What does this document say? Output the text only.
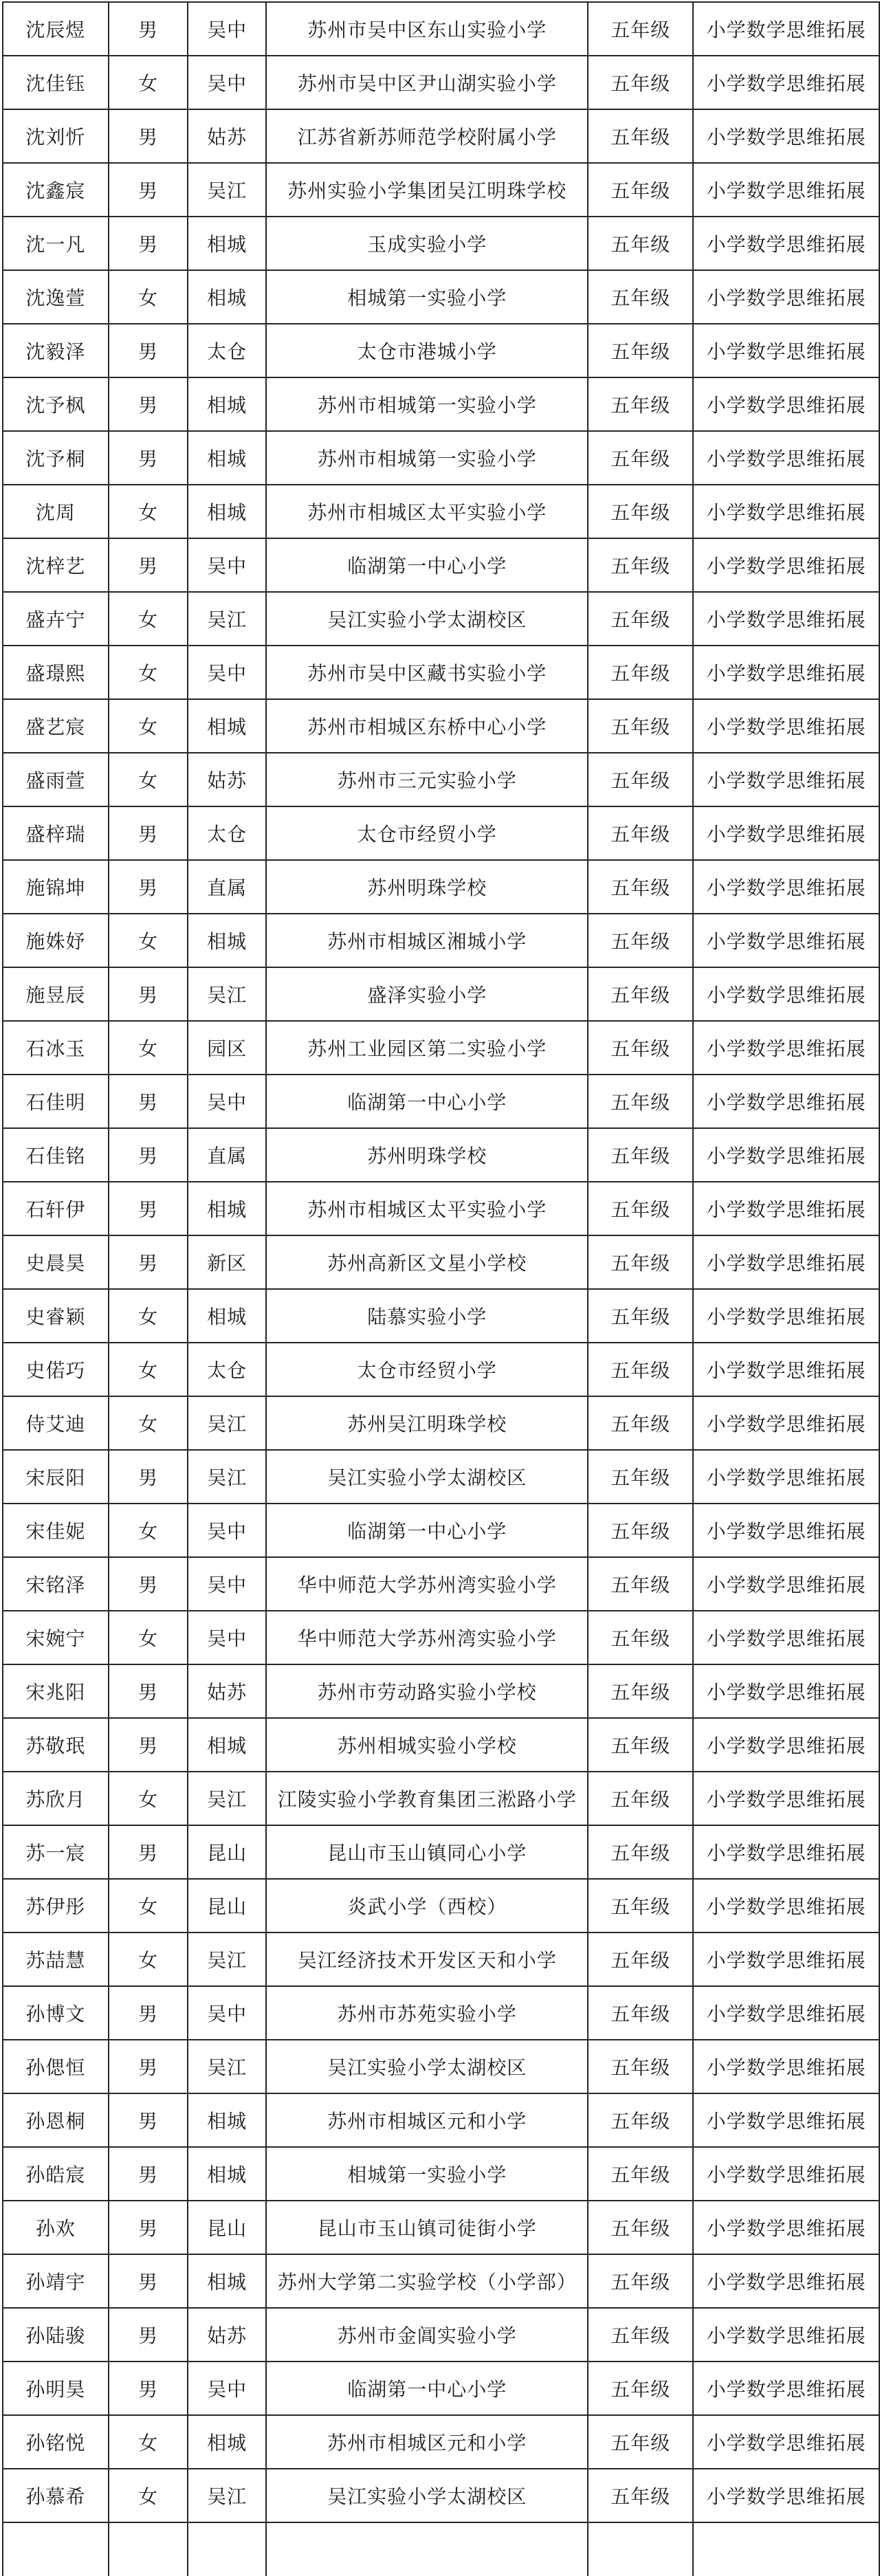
沈辰煜	男	吴中	苏州市吴中区东山实验小学	五年级	小学数学思维拓展
沈佳钰	女	吴中	苏州市吴中区尹山湖实验小学	五年级	小学数学思维拓展
沈刘忻	男	姑苏	江苏省新苏师范学校附属小学	五年级	小学数学思维拓展
沈鑫宸	男	吴江	苏州实验小学集团吴江明珠学校	五年级	小学数学思维拓展
沈一凡	男	相城	玉成实验小学	五年级	小学数学思维拓展
沈逸萱	女	相城	相城第一实验小学	五年级	小学数学思维拓展
沈毅泽	男	太仓	太仓市港城小学	五年级	小学数学思维拓展
沈予枫	男	相城	苏州市相城第一实验小学	五年级	小学数学思维拓展
沈予桐	男	相城	苏州市相城第一实验小学	五年级	小学数学思维拓展
沈周	女	相城	苏州市相城区太平实验小学	五年级	小学数学思维拓展
沈梓艺	男	吴中	临湖第一中心小学	五年级	小学数学思维拓展
盛卉宁	女	吴江	吴江实验小学太湖校区	五年级	小学数学思维拓展
盛璟熙	女	吴中	苏州市吴中区藏书实验小学	五年级	小学数学思维拓展
盛艺宸	女	相城	苏州市相城区东桥中心小学	五年级	小学数学思维拓展
盛雨萱	女	姑苏	苏州市三元实验小学	五年级	小学数学思维拓展
盛梓瑞	男	太仓	太仓市经贸小学	五年级	小学数学思维拓展
施锦坤	男	直属	苏州明珠学校	五年级	小学数学思维拓展
施姝妤	女	相城	苏州市相城区湘城小学	五年级	小学数学思维拓展
施昱辰	男	吴江	盛泽实验小学	五年级	小学数学思维拓展
石冰玉	女	园区	苏州工业园区第二实验小学	五年级	小学数学思维拓展
石佳明	男	吴中	临湖第一中心小学	五年级	小学数学思维拓展
石佳铭	男	直属	苏州明珠学校	五年级	小学数学思维拓展
石轩伊	男	相城	苏州市相城区太平实验小学	五年级	小学数学思维拓展
史晨昊	男	新区	苏州高新区文星小学校	五年级	小学数学思维拓展
史睿颖	女	相城	陆慕实验小学	五年级	小学数学思维拓展
史偌巧	女	太仓	太仓市经贸小学	五年级	小学数学思维拓展
侍艾迪	女	吴江	苏州吴江明珠学校	五年级	小学数学思维拓展
宋辰阳	男	吴江	吴江实验小学太湖校区	五年级	小学数学思维拓展
宋佳妮	女	吴中	临湖第一中心小学	五年级	小学数学思维拓展
宋铭泽	男	吴中	华中师范大学苏州湾实验小学	五年级	小学数学思维拓展
宋婉宁	女	吴中	华中师范大学苏州湾实验小学	五年级	小学数学思维拓展
宋兆阳	男	姑苏	苏州市劳动路实验小学校	五年级	小学数学思维拓展
苏敬珉	男	相城	苏州相城实验小学校	五年级	小学数学思维拓展
苏欣月	女	吴江	江陵实验小学教育集团三淞路小学	五年级	小学数学思维拓展
苏一宸	男	昆山	昆山市玉山镇同心小学	五年级	小学数学思维拓展
苏伊彤	女	昆山	炎武小学（西校）	五年级	小学数学思维拓展
苏喆慧	女	吴江	吴江经济技术开发区天和小学	五年级	小学数学思维拓展
孙博文	男	吴中	苏州市苏苑实验小学	五年级	小学数学思维拓展
孙偲恒	男	吴江	吴江实验小学太湖校区	五年级	小学数学思维拓展
孙恩桐	男	相城	苏州市相城区元和小学	五年级	小学数学思维拓展
孙皓宸	男	相城	相城第一实验小学	五年级	小学数学思维拓展
孙欢	男	昆山	昆山市玉山镇司徒街小学	五年级	小学数学思维拓展
孙靖宇	男	相城	苏州大学第二实验学校（小学部）	五年级	小学数学思维拓展
孙陆骏	男	姑苏	苏州市金阊实验小学	五年级	小学数学思维拓展
孙明昊	男	吴中	临湖第一中心小学	五年级	小学数学思维拓展
孙铭悦	女	相城	苏州市相城区元和小学	五年级	小学数学思维拓展
孙慕希	女	吴江	吴江实验小学太湖校区	五年级	小学数学思维拓展
